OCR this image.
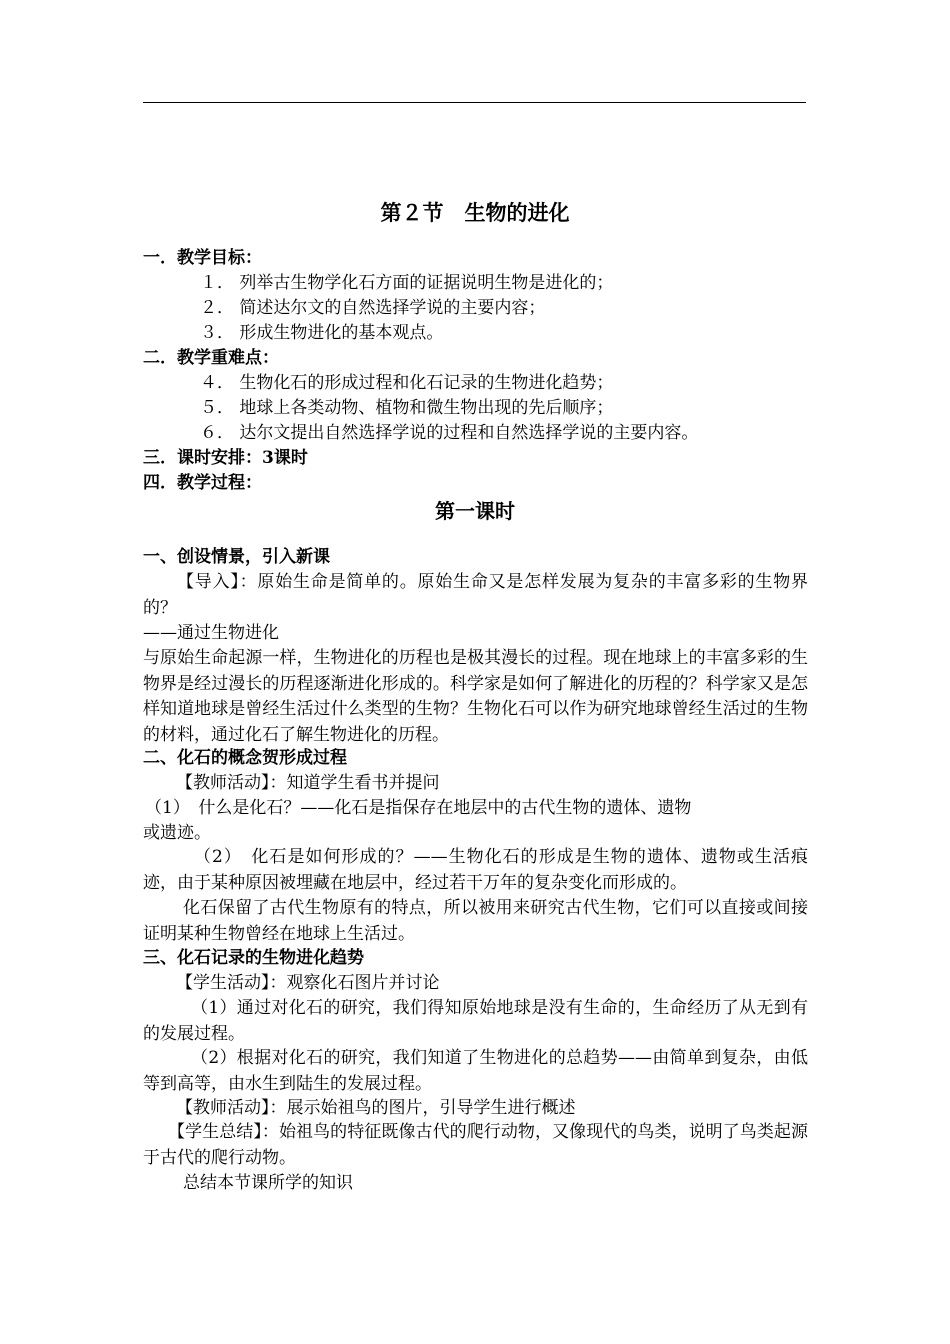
第２节　生物的进化
一．教学目标：
１． 列举古生物学化石方面的证据说明生物是进化的；
２． 简述达尔文的自然选择学说的主要内容；
３． 形成生物进化的基本观点。
二．教学重难点：
４． 生物化石的形成过程和化石记录的生物进化趋势；
５． 地球上各类动物、植物和微生物出现的先后顺序；
６． 达尔文提出自然选择学说的过程和自然选择学说的主要内容。
三．课时安排：3课时
四．教学过程：
第一课时
一、创设情景，引入新课
【导入】：原始生命是简单的。原始生命又是怎样发展为复杂的丰富多彩的生物界的？
——通过生物进化
与原始生命起源一样，生物进化的历程也是极其漫长的过程。现在地球上的丰富多彩的生物界是经过漫长的历程逐渐进化形成的。科学家是如何了解进化的历程的？科学家又是怎样知道地球是曾经生活过什么类型的生物？生物化石可以作为研究地球曾经生活过的生物的材料，通过化石了解生物进化的历程。
二、化石的概念贺形成过程
【教师活动】：知道学生看书并提问
（1）　什么是化石？——化石是指保存在地层中的古代生物的遗体、遗物
或遗迹。
（2）　化石是如何形成的？——生物化石的形成是生物的遗体、遗物或生活痕迹，由于某种原因被埋藏在地层中，经过若干万年的复杂变化而形成的。
化石保留了古代生物原有的特点，所以被用来研究古代生物，它们可以直接或间接证明某种生物曾经在地球上生活过。
三、化石记录的生物进化趋势
【学生活动】：观察化石图片并讨论
（1）通过对化石的研究，我们得知原始地球是没有生命的，生命经历了从无到有的发展过程。
（2）根据对化石的研究，我们知道了生物进化的总趋势——由简单到复杂，由低等到高等，由水生到陆生的发展过程。
【教师活动】：展示始祖鸟的图片，引导学生进行概述
【学生总结】：始祖鸟的特征既像古代的爬行动物，又像现代的鸟类，说明了鸟类起源于古代的爬行动物。
总结本节课所学的知识
